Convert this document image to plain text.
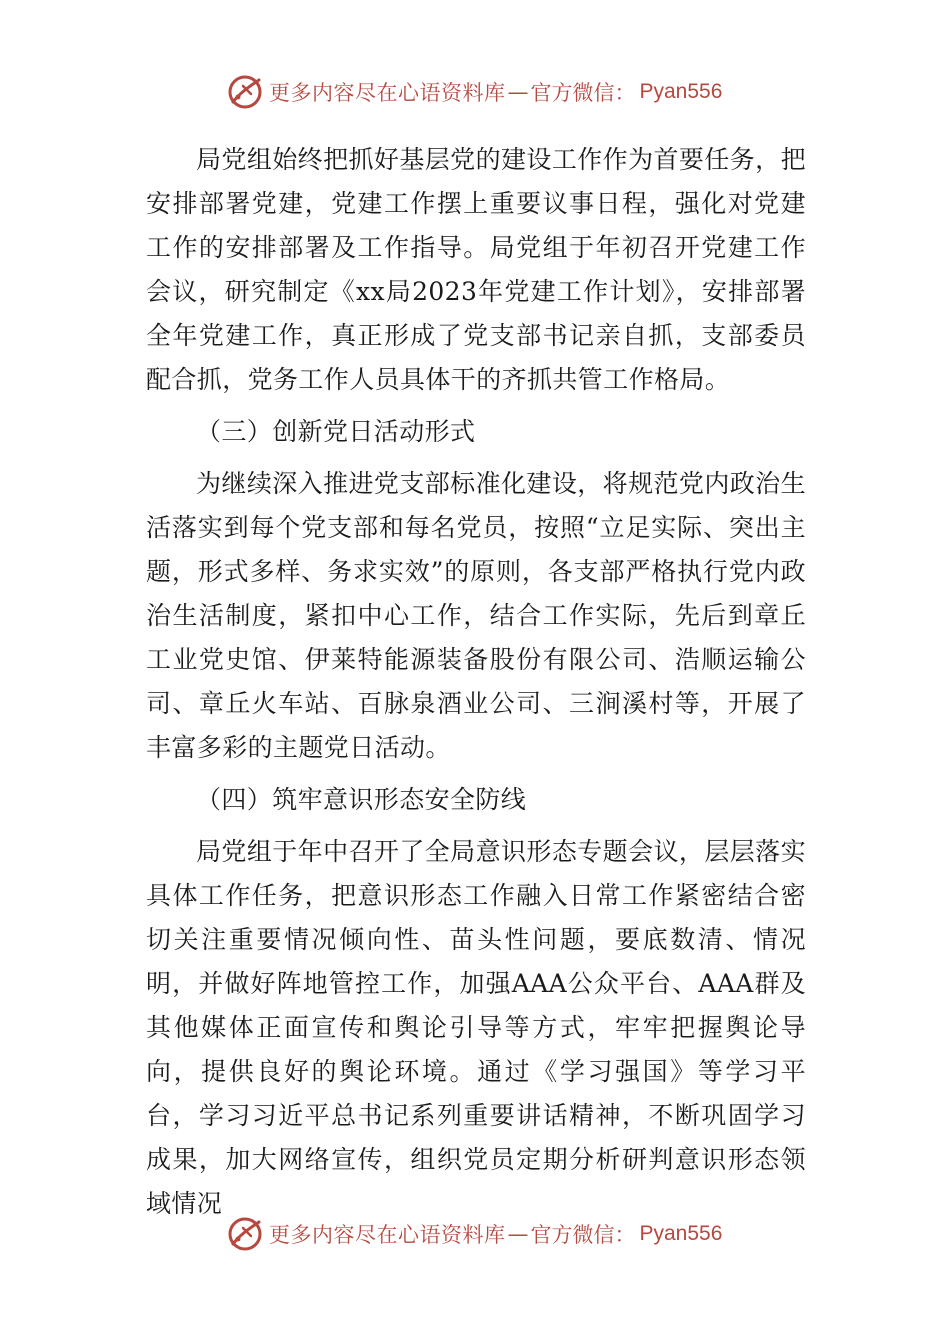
更多内容尽在心语资料库 — 官方微信： Pyan556

局党组始终把抓好基层党的建设工作作为首要任务，把安排部署党建，党建工作摆上重要议事日程，强化对党建工作的安排部署及工作指导。局党组于年初召开党建工作会议，研究制定《xx局2023年党建工作计划》，安排部署全年党建工作，真正形成了党支部书记亲自抓，支部委员配合抓，党务工作人员具体干的齐抓共管工作格局。

（三）创新党日活动形式

为继续深入推进党支部标准化建设，将规范党内政治生活落实到每个党支部和每名党员，按照“立足实际、突出主题，形式多样、务求实效”的原则，各支部严格执行党内政治生活制度，紧扣中心工作，结合工作实际，先后到章丘工业党史馆、伊莱特能源装备股份有限公司、浩顺运输公司、章丘火车站、百脉泉酒业公司、三涧溪村等，开展了丰富多彩的主题党日活动。

（四）筑牢意识形态安全防线

局党组于年中召开了全局意识形态专题会议，层层落实具体工作任务，把意识形态工作融入日常工作紧密结合密切关注重要情况倾向性、苗头性问题，要底数清、情况明，并做好阵地管控工作，加强AAA公众平台、AAA群及其他媒体正面宣传和舆论引导等方式，牢牢把握舆论导向，提供良好的舆论环境。通过《学习强国》等学习平台，学习习近平总书记系列重要讲话精神，不断巩固学习成果，加大网络宣传，组织党员定期分析研判意识形态领域情况

更多内容尽在心语资料库 — 官方微信： Pyan556
